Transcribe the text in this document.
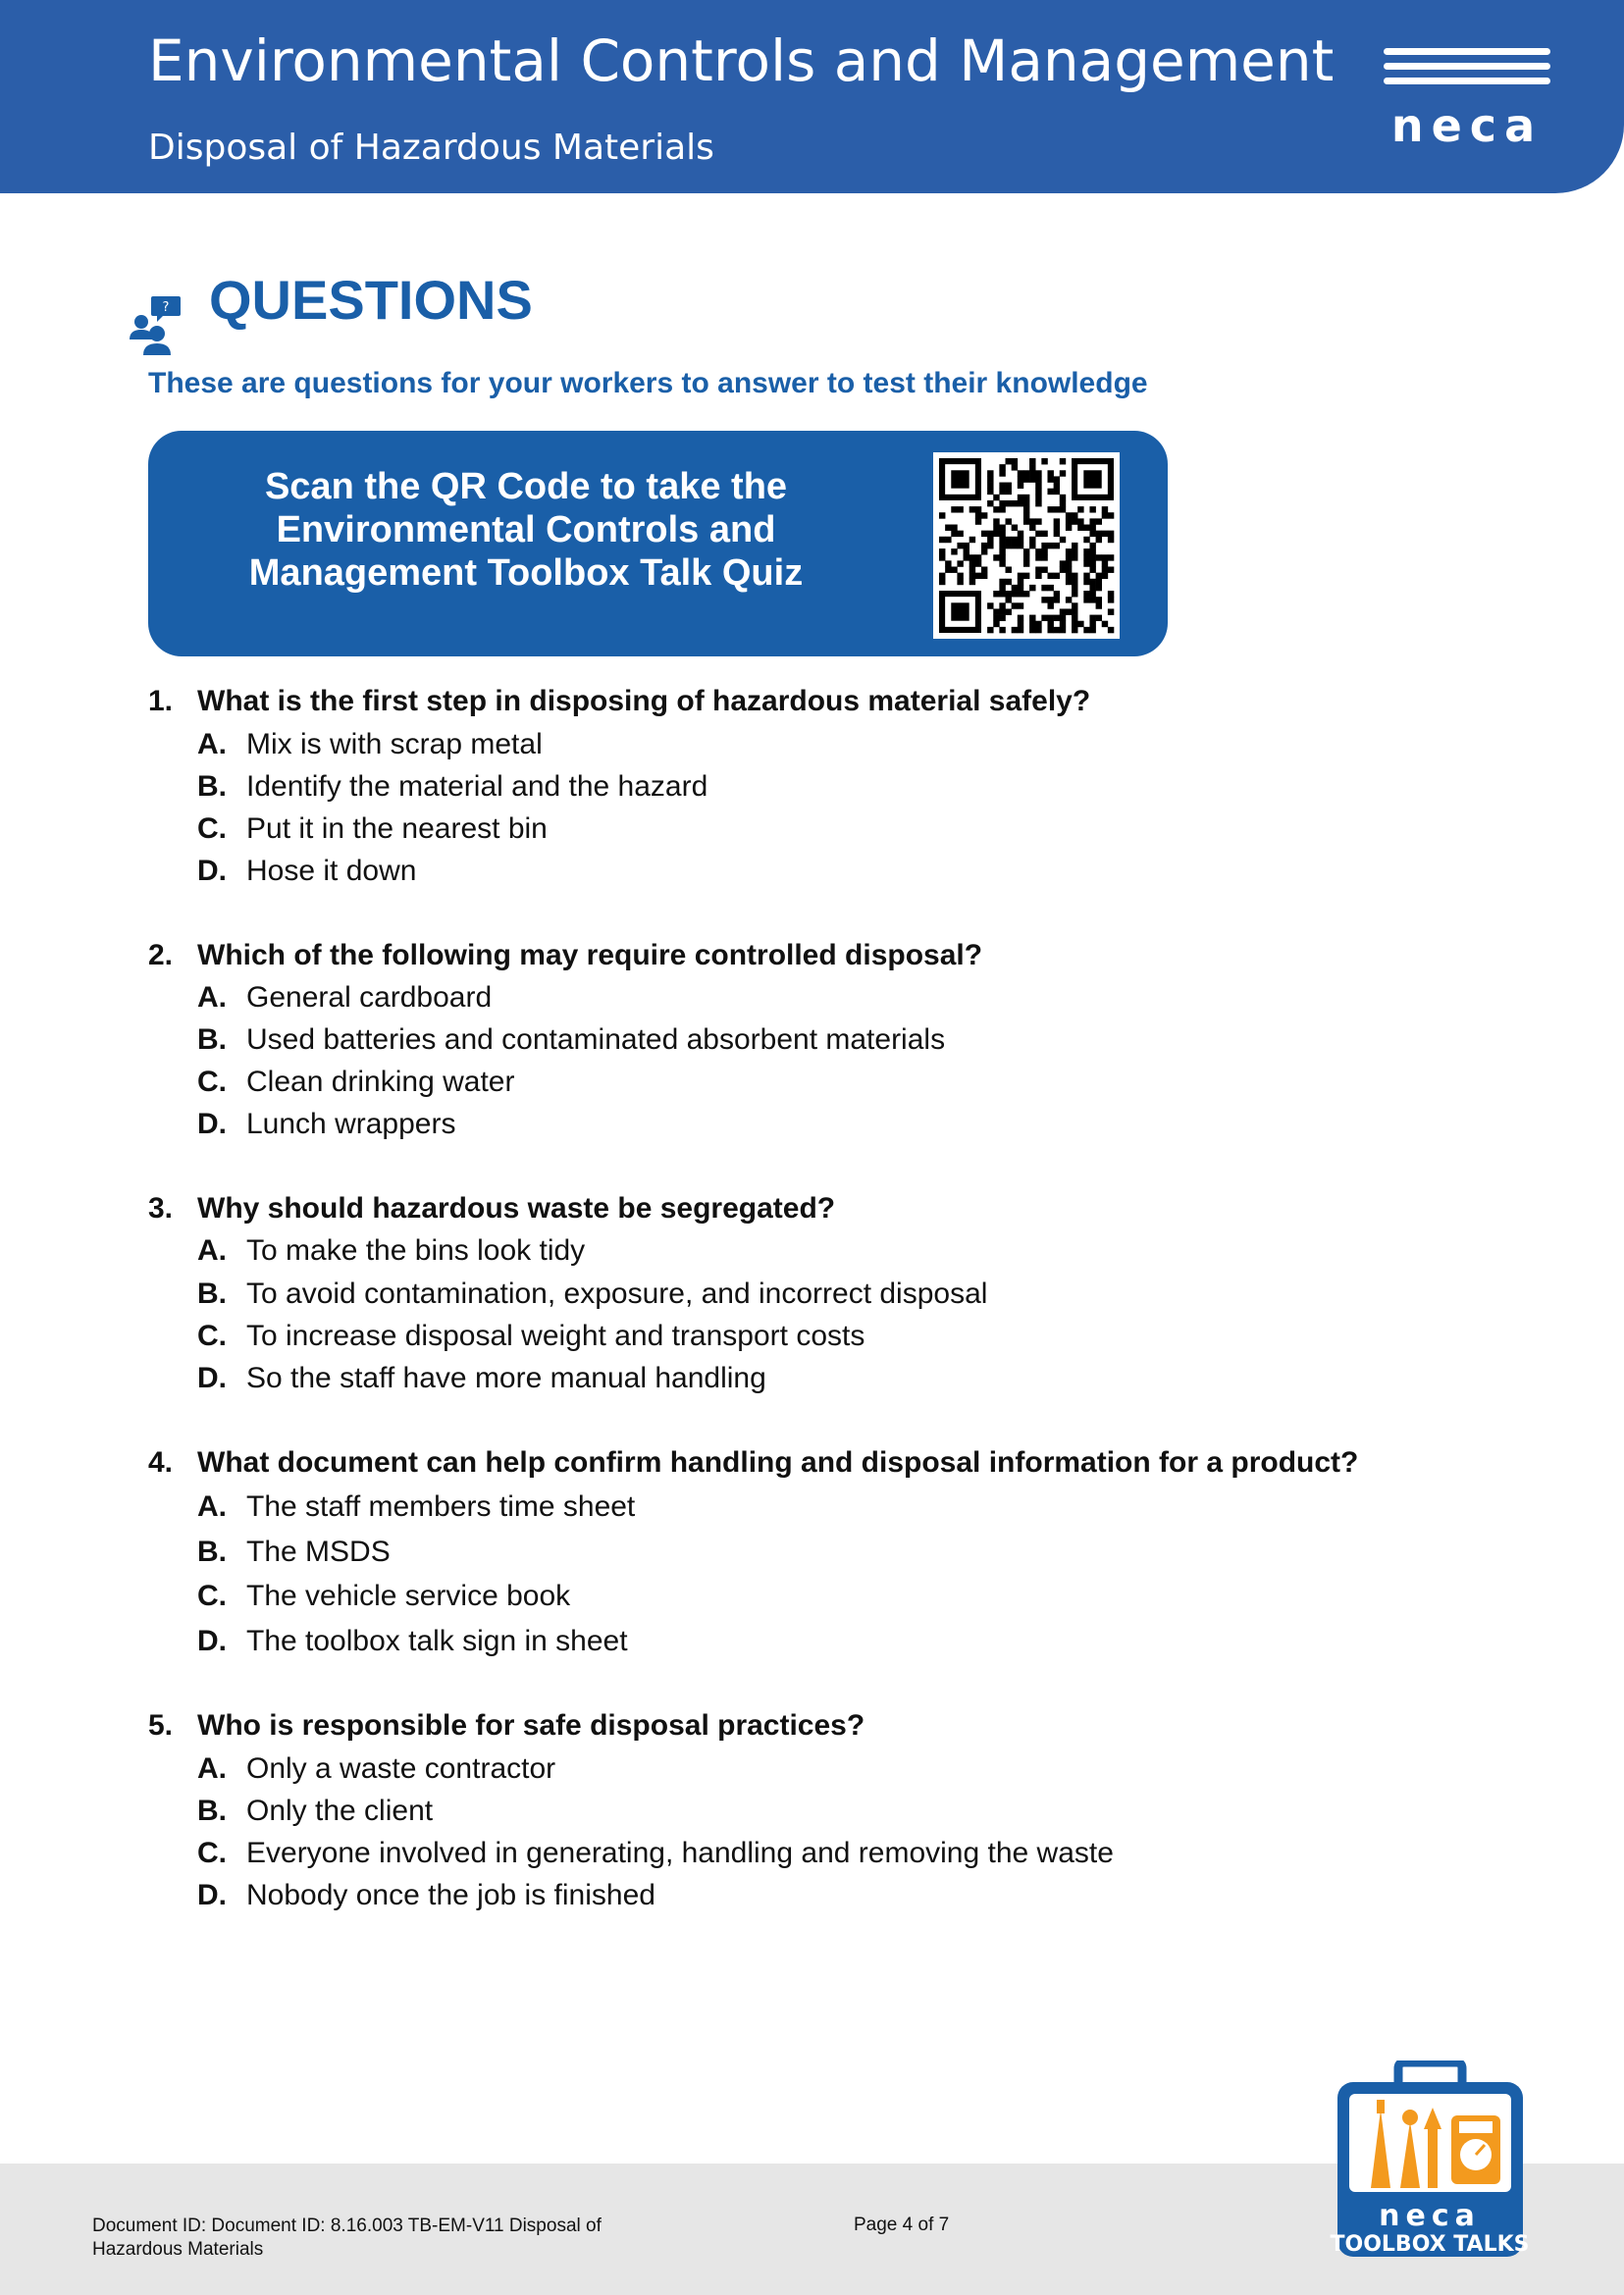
Environmental Controls and Management
Disposal of Hazardous Materials	neca
? QUESTIONS
These are questions for your workers to answer to test their knowledge
Scan the QR Code to take the
Environmental Controls and
Management Toolbox Talk Quiz
1. What is the first step in disposing of hazardous material safely?
A. Mix is with scrap metal
B. Identify the material and the hazard
C. Put it in the nearest bin
D. Hose it down
2. Which of the following may require controlled disposal?
A. General cardboard
B. Used batteries and contaminated absorbent materials
C. Clean drinking water
D. Lunch wrappers
3. Why should hazardous waste be segregated?
A. To make the bins look tidy
B. To avoid contamination, exposure, and incorrect disposal
C. To increase disposal weight and transport costs
D. So the staff have more manual handling
4. What document can help confirm handling and disposal information for a product?
A. The staff members time sheet
B. The MSDS
C. The vehicle service book
D. The toolbox talk sign in sheet
5. Who is responsible for safe disposal practices?
A. Only a waste contractor
B. Only the client
C. Everyone involved in generating, handling and removing the waste
D. Nobody once the job is finished
Document ID: Document ID: 8.16.003 TB-EM-V11 Disposal of Hazardous Materials
Page 4 of 7	neca
TOOLBOX TALKS
